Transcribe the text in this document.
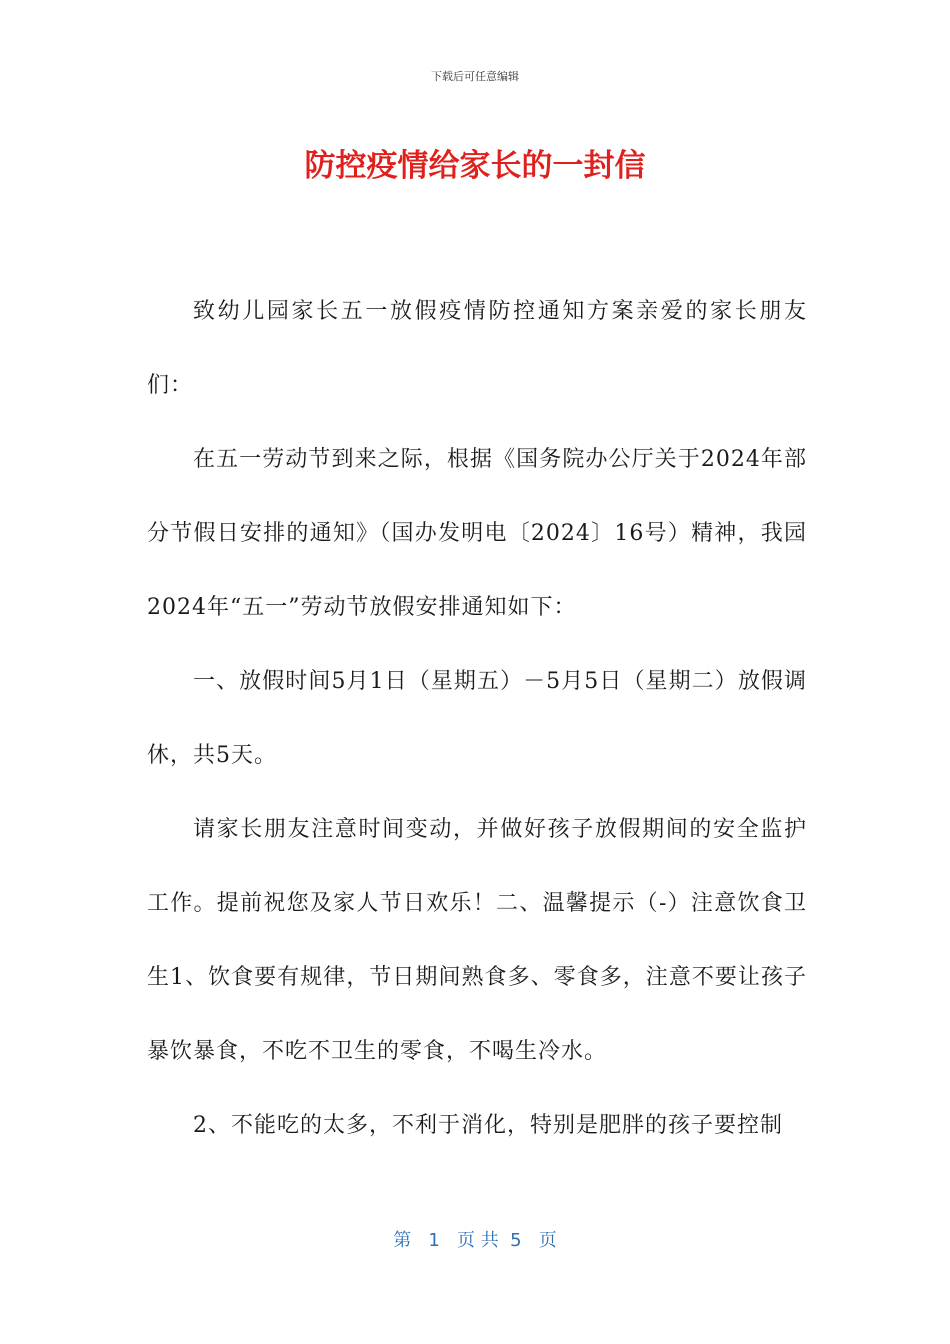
下载后可任意编辑
防控疫情给家长的一封信

致幼儿园家长五一放假疫情防控通知方案亲爱的家长朋友们：

在五一劳动节到来之际，根据《国务院办公厅关于2024年部分节假日安排的通知》（国办发明电〔2024〕16号）精神，我园2024年“五一”劳动节放假安排通知如下：

一、放假时间5月1日（星期五）－5月5日（星期二）放假调休，共5天。

请家长朋友注意时间变动，并做好孩子放假期间的安全监护工作。提前祝您及家人节日欢乐！二、温馨提示（-）注意饮食卫生1、饮食要有规律，节日期间熟食多、零食多，注意不要让孩子暴饮暴食，不吃不卫生的零食，不喝生冷水。

2、不能吃的太多，不利于消化，特别是肥胖的孩子要控制

第 1 页 共 5 页
